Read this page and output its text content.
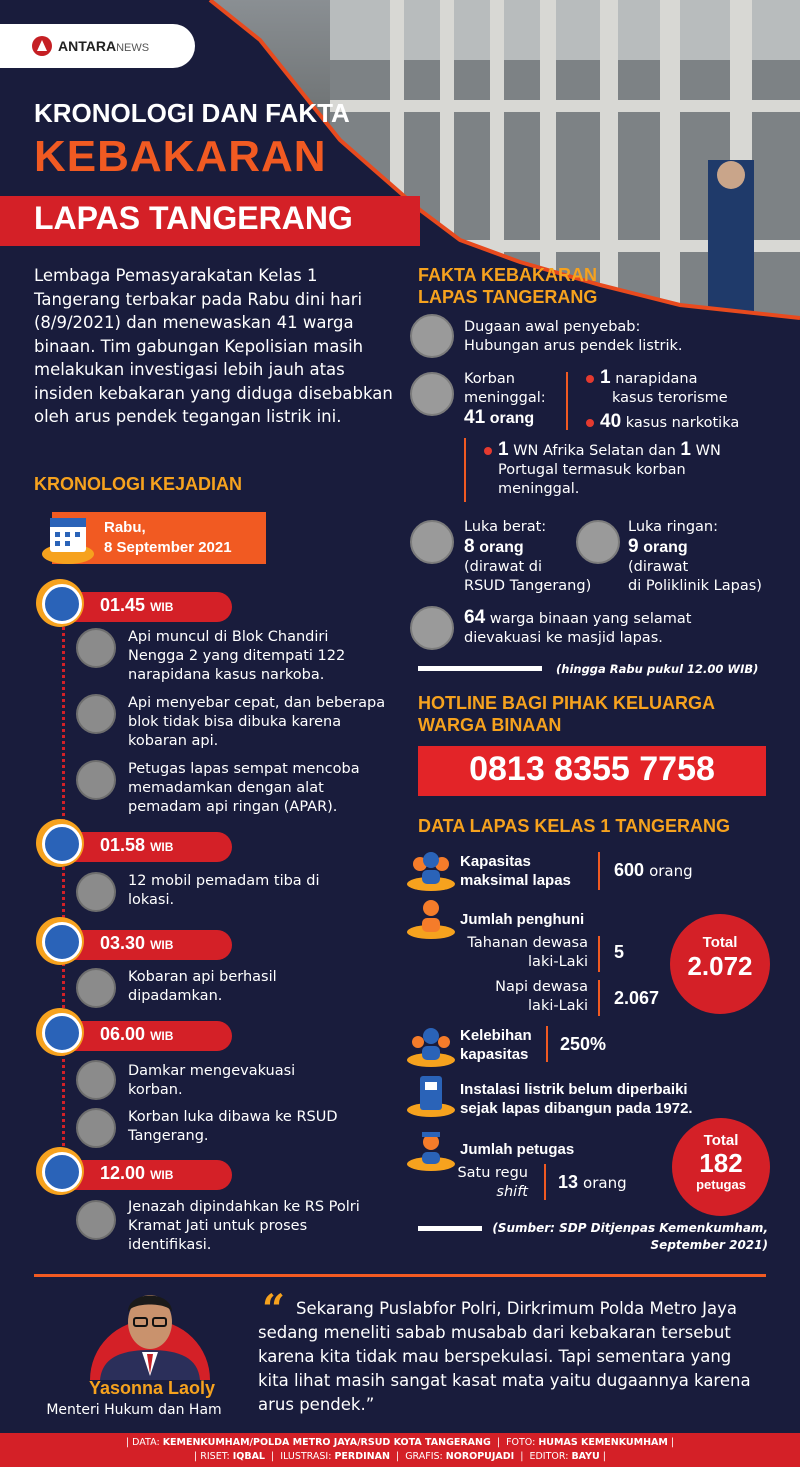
ANTARANEWS
KRONOLOGI DAN FAKTA
KEBAKARAN
LAPAS TANGERANG
Lembaga Pemasyarakatan Kelas 1 Tangerang terbakar pada Rabu dini hari (8/9/2021) dan menewaskan 41 warga binaan. Tim gabungan Kepolisian masih melakukan investigasi lebih jauh atas insiden kebakaran yang diduga disebabkan oleh arus pendek tegangan listrik ini.
KRONOLOGI KEJADIAN
Rabu,
8 September 2021
01.45 WIB
Api muncul di Blok Chandiri Nengga 2 yang ditempati 122 narapidana kasus narkoba.
Api menyebar cepat, dan beberapa blok tidak bisa dibuka karena kobaran api.
Petugas lapas sempat mencoba memadamkan dengan alat pemadam api ringan (APAR).
01.58 WIB
12 mobil pemadam tiba di lokasi.
03.30 WIB
Kobaran api berhasil dipadamkan.
06.00 WIB
Damkar mengevakuasi korban.
Korban luka dibawa ke RSUD Tangerang.
12.00 WIB
Jenazah dipindahkan ke RS Polri Kramat Jati untuk proses identifikasi.
FAKTA KEBAKARAN
LAPAS TANGERANG
Dugaan awal penyebab:
Hubungan arus pendek listrik.
Korban
meninggal:
41 orang
1 narapidana
kasus terorisme
40 kasus narkotika
1 WN Afrika Selatan dan 1 WN
Portugal termasuk korban
meninggal.
Luka berat:
8 orang
(dirawat di
RSUD Tangerang)
Luka ringan:
9 orang
(dirawat
di Poliklinik Lapas)
64 warga binaan yang selamat
dievakuasi ke masjid lapas.
(hingga Rabu pukul 12.00 WIB)
HOTLINE BAGI PIHAK KELUARGA
WARGA BINAAN
0813 8355 7758
DATA LAPAS KELAS 1 TANGERANG
Kapasitas
maksimal lapas
600 orang
Jumlah penghuni
Tahanan dewasa
laki-Laki 5
Napi dewasa
laki-Laki 2.067
Total
2.072
Kelebihan
kapasitas
250%
Instalasi listrik belum diperbaiki
sejak lapas dibangun pada 1972.
Jumlah petugas
Satu regu
shift 13 orang
Total
182
petugas
(Sumber: SDP Ditjenpas Kemenkumham,
September 2021)
Yasonna Laoly
Menteri Hukum dan Ham
“ Sekarang Puslabfor Polri, Dirkrimum Polda Metro Jaya sedang meneliti sabab musabab dari kebakaran tersebut karena kita tidak mau berspekulasi. Tapi sementara yang kita lihat masih sangat kasat mata yaitu dugaannya karena arus pendek.”
| DATA: KEMENKUMHAM/POLDA METRO JAYA/RSUD KOTA TANGERANG  |  FOTO: HUMAS KEMENKUMHAM |
| RISET: IQBAL  |  ILUSTRASI: PERDINAN  |  GRAFIS: NOROPUJADI  |  EDITOR: BAYU |
